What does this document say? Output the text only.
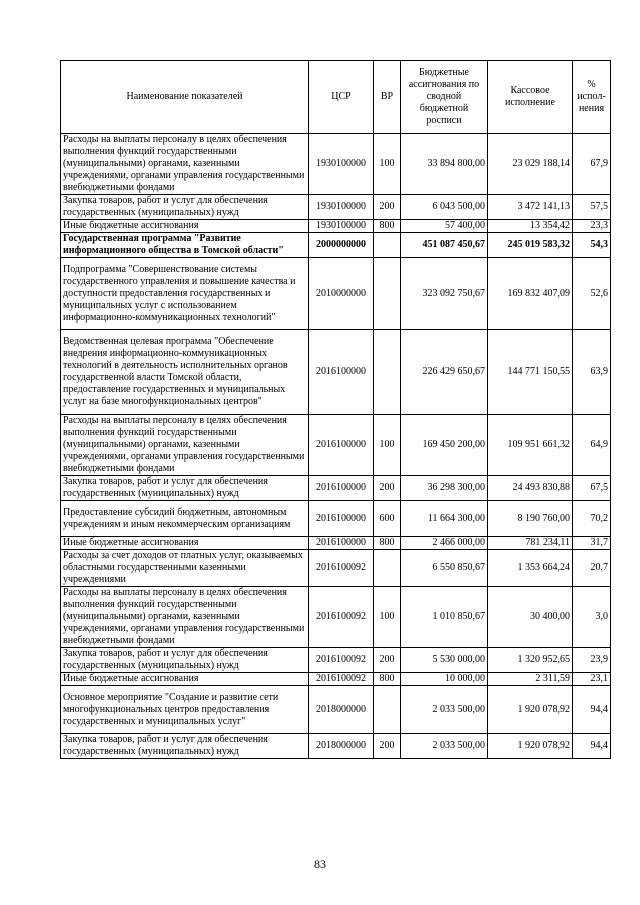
Наименование показателей	ЦСР	ВР	Бюджетные ассигнования по сводной бюджетной росписи	Кассовое исполнение	% испол-нения
Расходы на выплаты персоналу в целях обеспечения выполнения функций государственными (муниципальными) органами, казенными учреждениями, органами управления государственными внебюджетными фондами	1930100000	100	33 894 800,00	23 029 188,14	67,9
Закупка товаров, работ и услуг для обеспечения государственных (муниципальных) нужд	1930100000	200	6 043 500,00	3 472 141,13	57,5
Иные бюджетные ассигнования	1930100000	800	57 400,00	13 354,42	23,3
Государственная программа "Развитие информационного общества в Томской области"	2000000000		451 087 450,67	245 019 583,32	54,3
Подпрограмма "Совершенствование системы государственного управления и повышение качества и доступности предоставления государственных и муниципальных услуг с использованием информационно-коммуникационных технологий"	2010000000		323 092 750,67	169 832 407,09	52,6
Ведомственная целевая программа "Обеспечение внедрения информационно-коммуникационных технологий в деятельность исполнительных органов государственной власти Томской области, предоставление государственных и муниципальных услуг на базе многофункциональных центров"	2016100000		226 429 650,67	144 771 150,55	63,9
Расходы на выплаты персоналу в целях обеспечения выполнения функций государственными (муниципальными) органами, казенными учреждениями, органами управления государственными внебюджетными фондами	2016100000	100	169 450 200,00	109 951 661,32	64,9
Закупка товаров, работ и услуг для обеспечения государственных (муниципальных) нужд	2016100000	200	36 298 300,00	24 493 830,88	67,5
Предоставление субсидий бюджетным, автономным учреждениям и иным некоммерческим организациям	2016100000	600	11 664 300,00	8 190 760,00	70,2
Иные бюджетные ассигнования	2016100000	800	2 466 000,00	781 234,11	31,7
Расходы за счет доходов от платных услуг, оказываемых областными государственными казенными учреждениями	2016100092		6 550 850,67	1 353 664,24	20,7
Расходы на выплаты персоналу в целях обеспечения выполнения функций государственными (муниципальными) органами, казенными учреждениями, органами управления государственными внебюджетными фондами	2016100092	100	1 010 850,67	30 400,00	3,0
Закупка товаров, работ и услуг для обеспечения государственных (муниципальных) нужд	2016100092	200	5 530 000,00	1 320 952,65	23,9
Иные бюджетные ассигнования	2016100092	800	10 000,00	2 311,59	23,1
Основное мероприятие "Создание и развитие сети многофункциональных центров предоставления государственных и муниципальных услуг"	2018000000		2 033 500,00	1 920 078,92	94,4
Закупка товаров, работ и услуг для обеспечения государственных (муниципальных) нужд	2018000000	200	2 033 500,00	1 920 078,92	94,4
83
